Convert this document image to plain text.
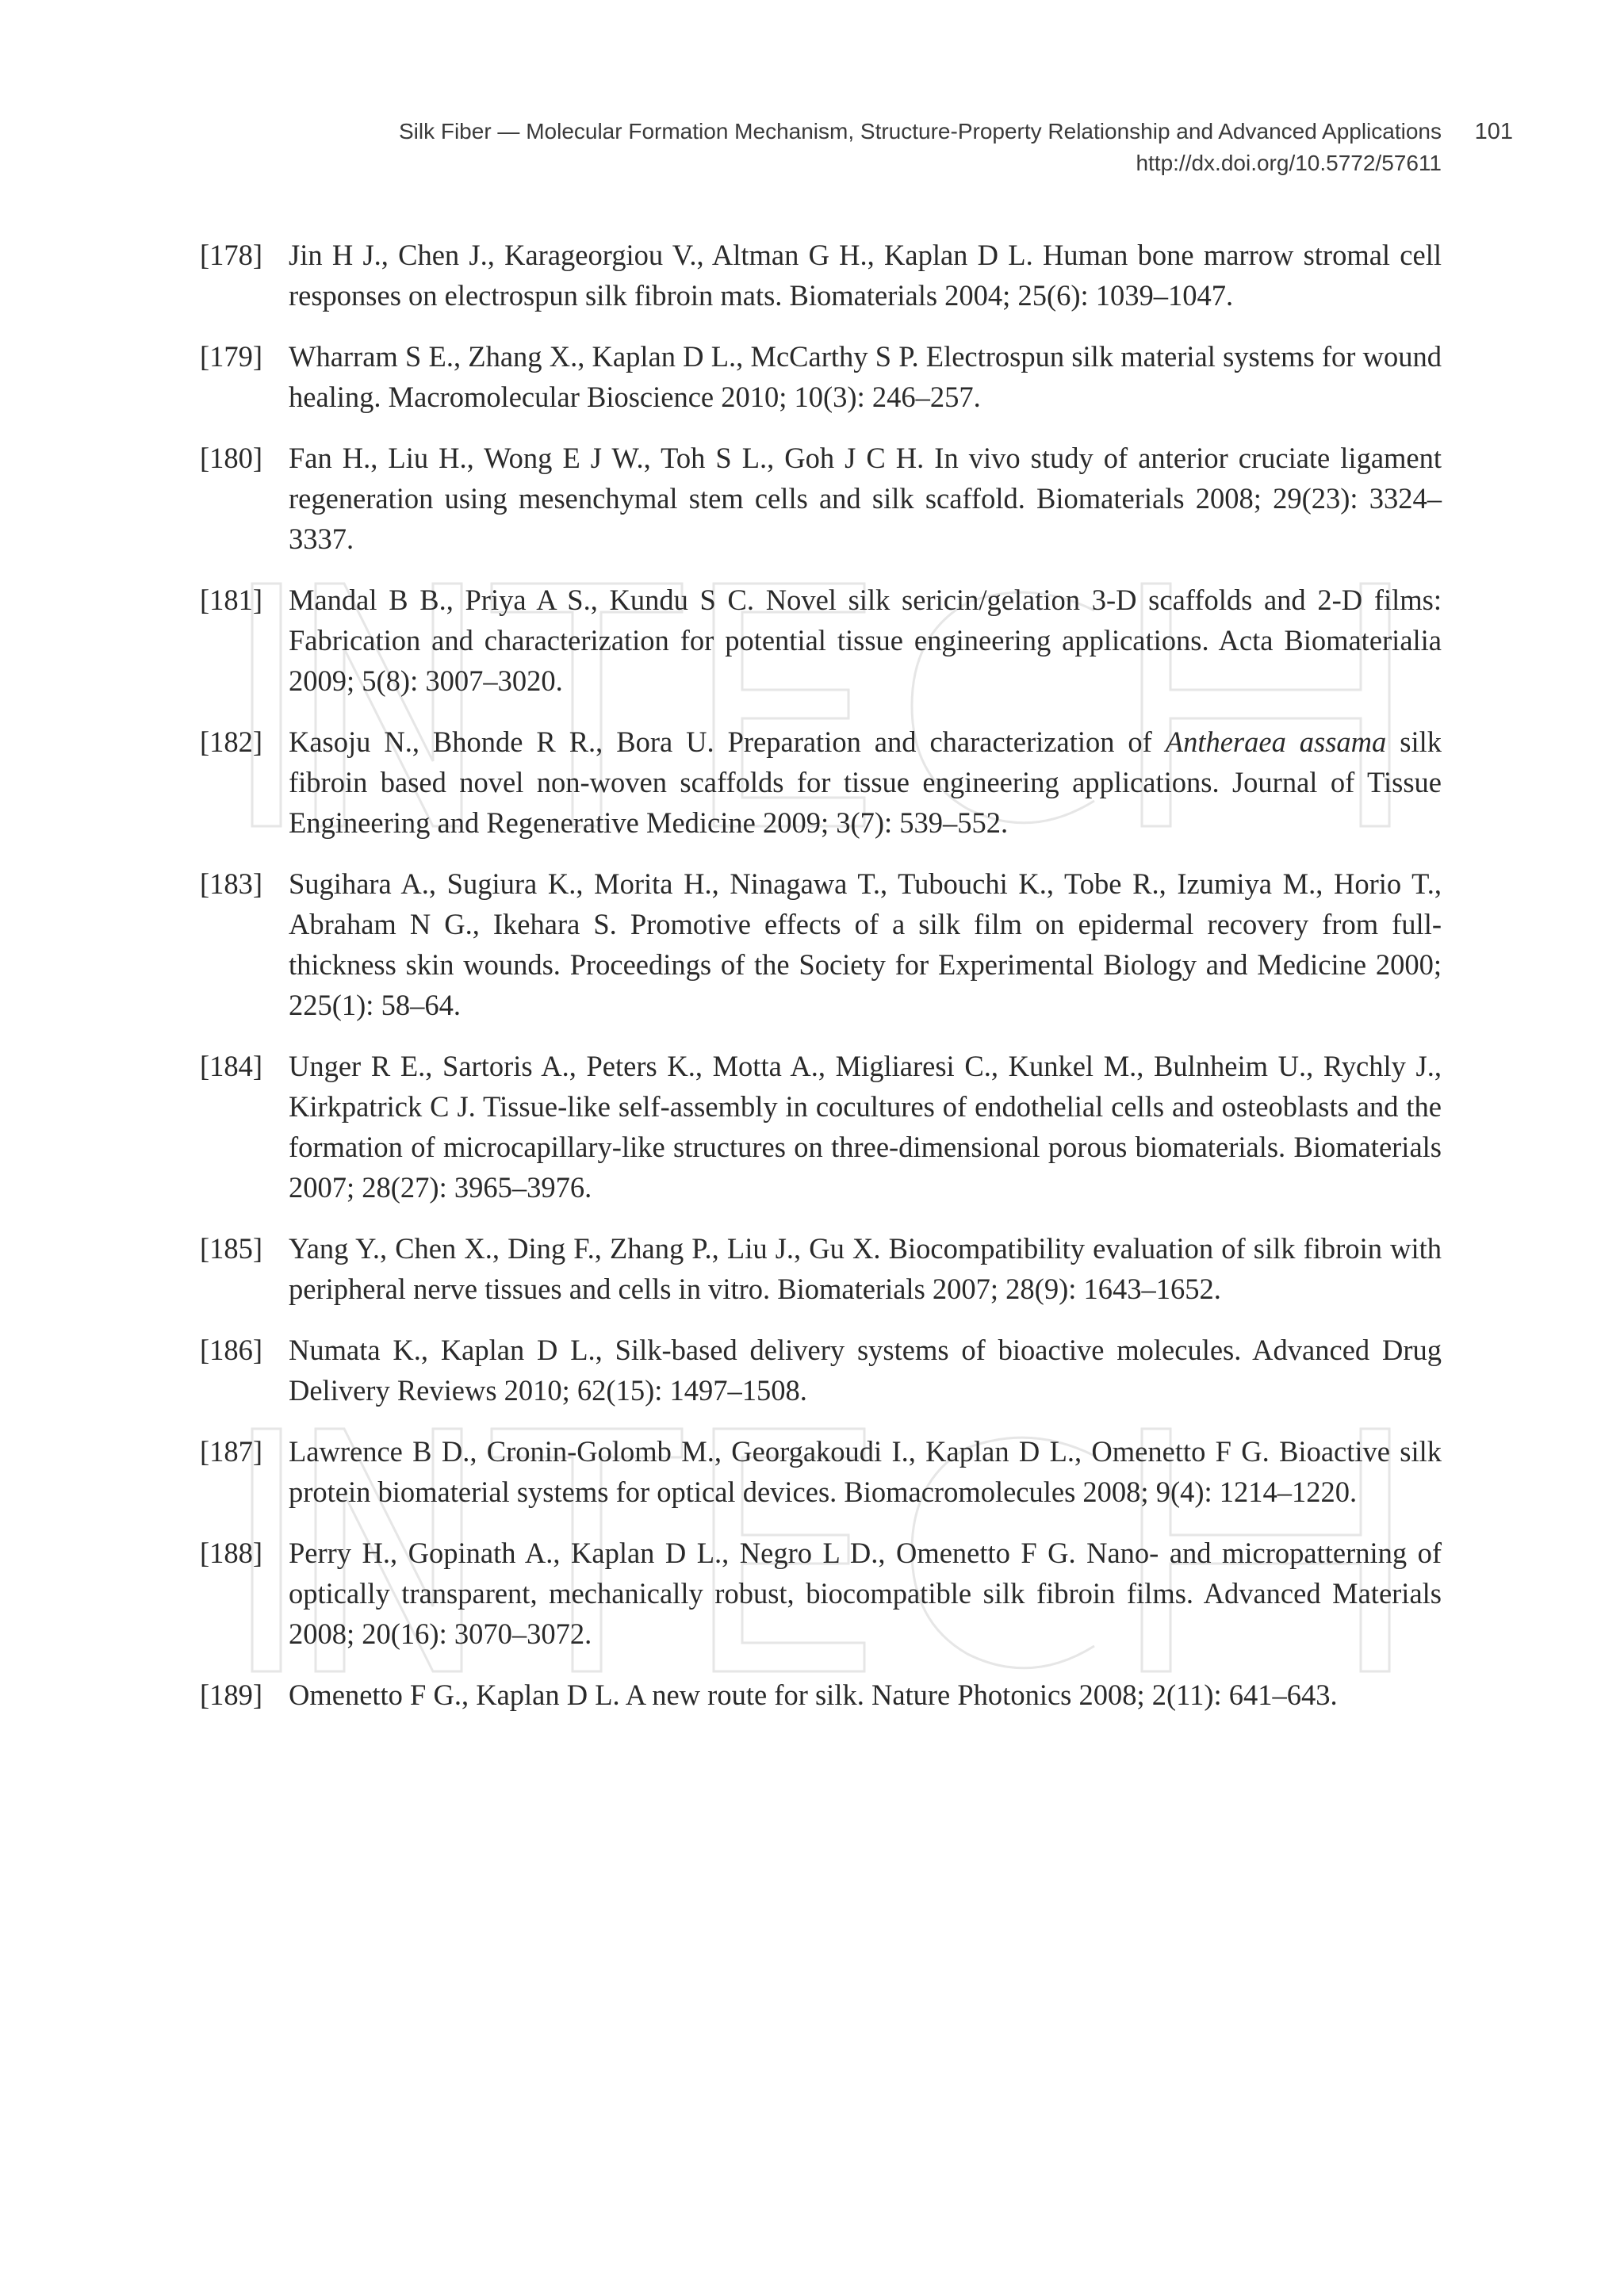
Silk Fiber — Molecular Formation Mechanism, Structure-Property Relationship and Advanced Applications
http://dx.doi.org/10.5772/57611
101
[178] Jin H J., Chen J., Karageorgiou V., Altman G H., Kaplan D L. Human bone marrow stromal cell responses on electrospun silk fibroin mats. Biomaterials 2004; 25(6): 1039–1047.
[179] Wharram S E., Zhang X., Kaplan D L., McCarthy S P. Electrospun silk material systems for wound healing. Macromolecular Bioscience 2010; 10(3): 246–257.
[180] Fan H., Liu H., Wong E J W., Toh S L., Goh J C H. In vivo study of anterior cruciate ligament regeneration using mesenchymal stem cells and silk scaffold. Biomaterials 2008; 29(23): 3324–3337.
[181] Mandal B B., Priya A S., Kundu S C. Novel silk sericin/gelation 3-D scaffolds and 2-D films: Fabrication and characterization for potential tissue engineering applications. Acta Biomaterialia 2009; 5(8): 3007–3020.
[182] Kasoju N., Bhonde R R., Bora U. Preparation and characterization of Antheraea assama silk fibroin based novel non-woven scaffolds for tissue engineering applications. Journal of Tissue Engineering and Regenerative Medicine 2009; 3(7): 539–552.
[183] Sugihara A., Sugiura K., Morita H., Ninagawa T., Tubouchi K., Tobe R., Izumiya M., Horio T., Abraham N G., Ikehara S. Promotive effects of a silk film on epidermal recovery from full-thickness skin wounds. Proceedings of the Society for Experimental Biology and Medicine 2000; 225(1): 58–64.
[184] Unger R E., Sartoris A., Peters K., Motta A., Migliaresi C., Kunkel M., Bulnheim U., Rychly J., Kirkpatrick C J. Tissue-like self-assembly in cocultures of endothelial cells and osteoblasts and the formation of microcapillary-like structures on three-dimensional porous biomaterials. Biomaterials 2007; 28(27): 3965–3976.
[185] Yang Y., Chen X., Ding F., Zhang P., Liu J., Gu X. Biocompatibility evaluation of silk fibroin with peripheral nerve tissues and cells in vitro. Biomaterials 2007; 28(9): 1643–1652.
[186] Numata K., Kaplan D L., Silk-based delivery systems of bioactive molecules. Advanced Drug Delivery Reviews 2010; 62(15): 1497–1508.
[187] Lawrence B D., Cronin-Golomb M., Georgakoudi I., Kaplan D L., Omenetto F G. Bioactive silk protein biomaterial systems for optical devices. Biomacromolecules 2008; 9(4): 1214–1220.
[188] Perry H., Gopinath A., Kaplan D L., Negro L D., Omenetto F G. Nano- and micropatterning of optically transparent, mechanically robust, biocompatible silk fibroin films. Advanced Materials 2008; 20(16): 3070–3072.
[189] Omenetto F G., Kaplan D L. A new route for silk. Nature Photonics 2008; 2(11): 641–643.
